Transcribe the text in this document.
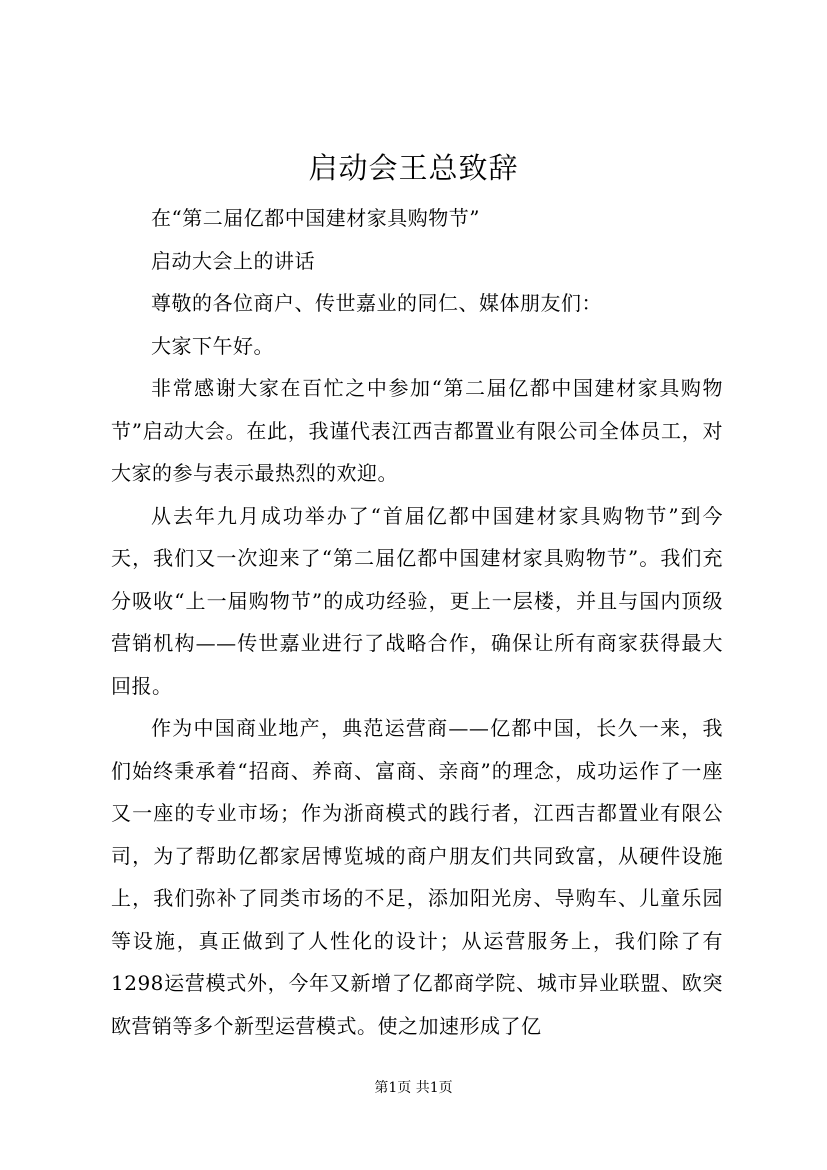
启动会王总致辞

在“第二届亿都中国建材家具购物节”

启动大会上的讲话

尊敬的各位商户、传世嘉业的同仁、媒体朋友们：

大家下午好。

非常感谢大家在百忙之中参加“第二届亿都中国建材家具购物节”启动大会。在此，我谨代表江西吉都置业有限公司全体员工，对大家的参与表示最热烈的欢迎。

从去年九月成功举办了“首届亿都中国建材家具购物节”到今天，我们又一次迎来了“第二届亿都中国建材家具购物节”。我们充分吸收“上一届购物节”的成功经验，更上一层楼，并且与国内顶级营销机构——传世嘉业进行了战略合作，确保让所有商家获得最大回报。

作为中国商业地产，典范运营商——亿都中国，长久一来，我们始终秉承着“招商、养商、富商、亲商”的理念，成功运作了一座又一座的专业市场；作为浙商模式的践行者，江西吉都置业有限公司，为了帮助亿都家居博览城的商户朋友们共同致富，从硬件设施上，我们弥补了同类市场的不足，添加阳光房、导购车、儿童乐园等设施，真正做到了人性化的设计；从运营服务上，我们除了有1298运营模式外，今年又新增了亿都商学院、城市异业联盟、欧突欧营销等多个新型运营模式。使之加速形成了亿

第1页 共1页
